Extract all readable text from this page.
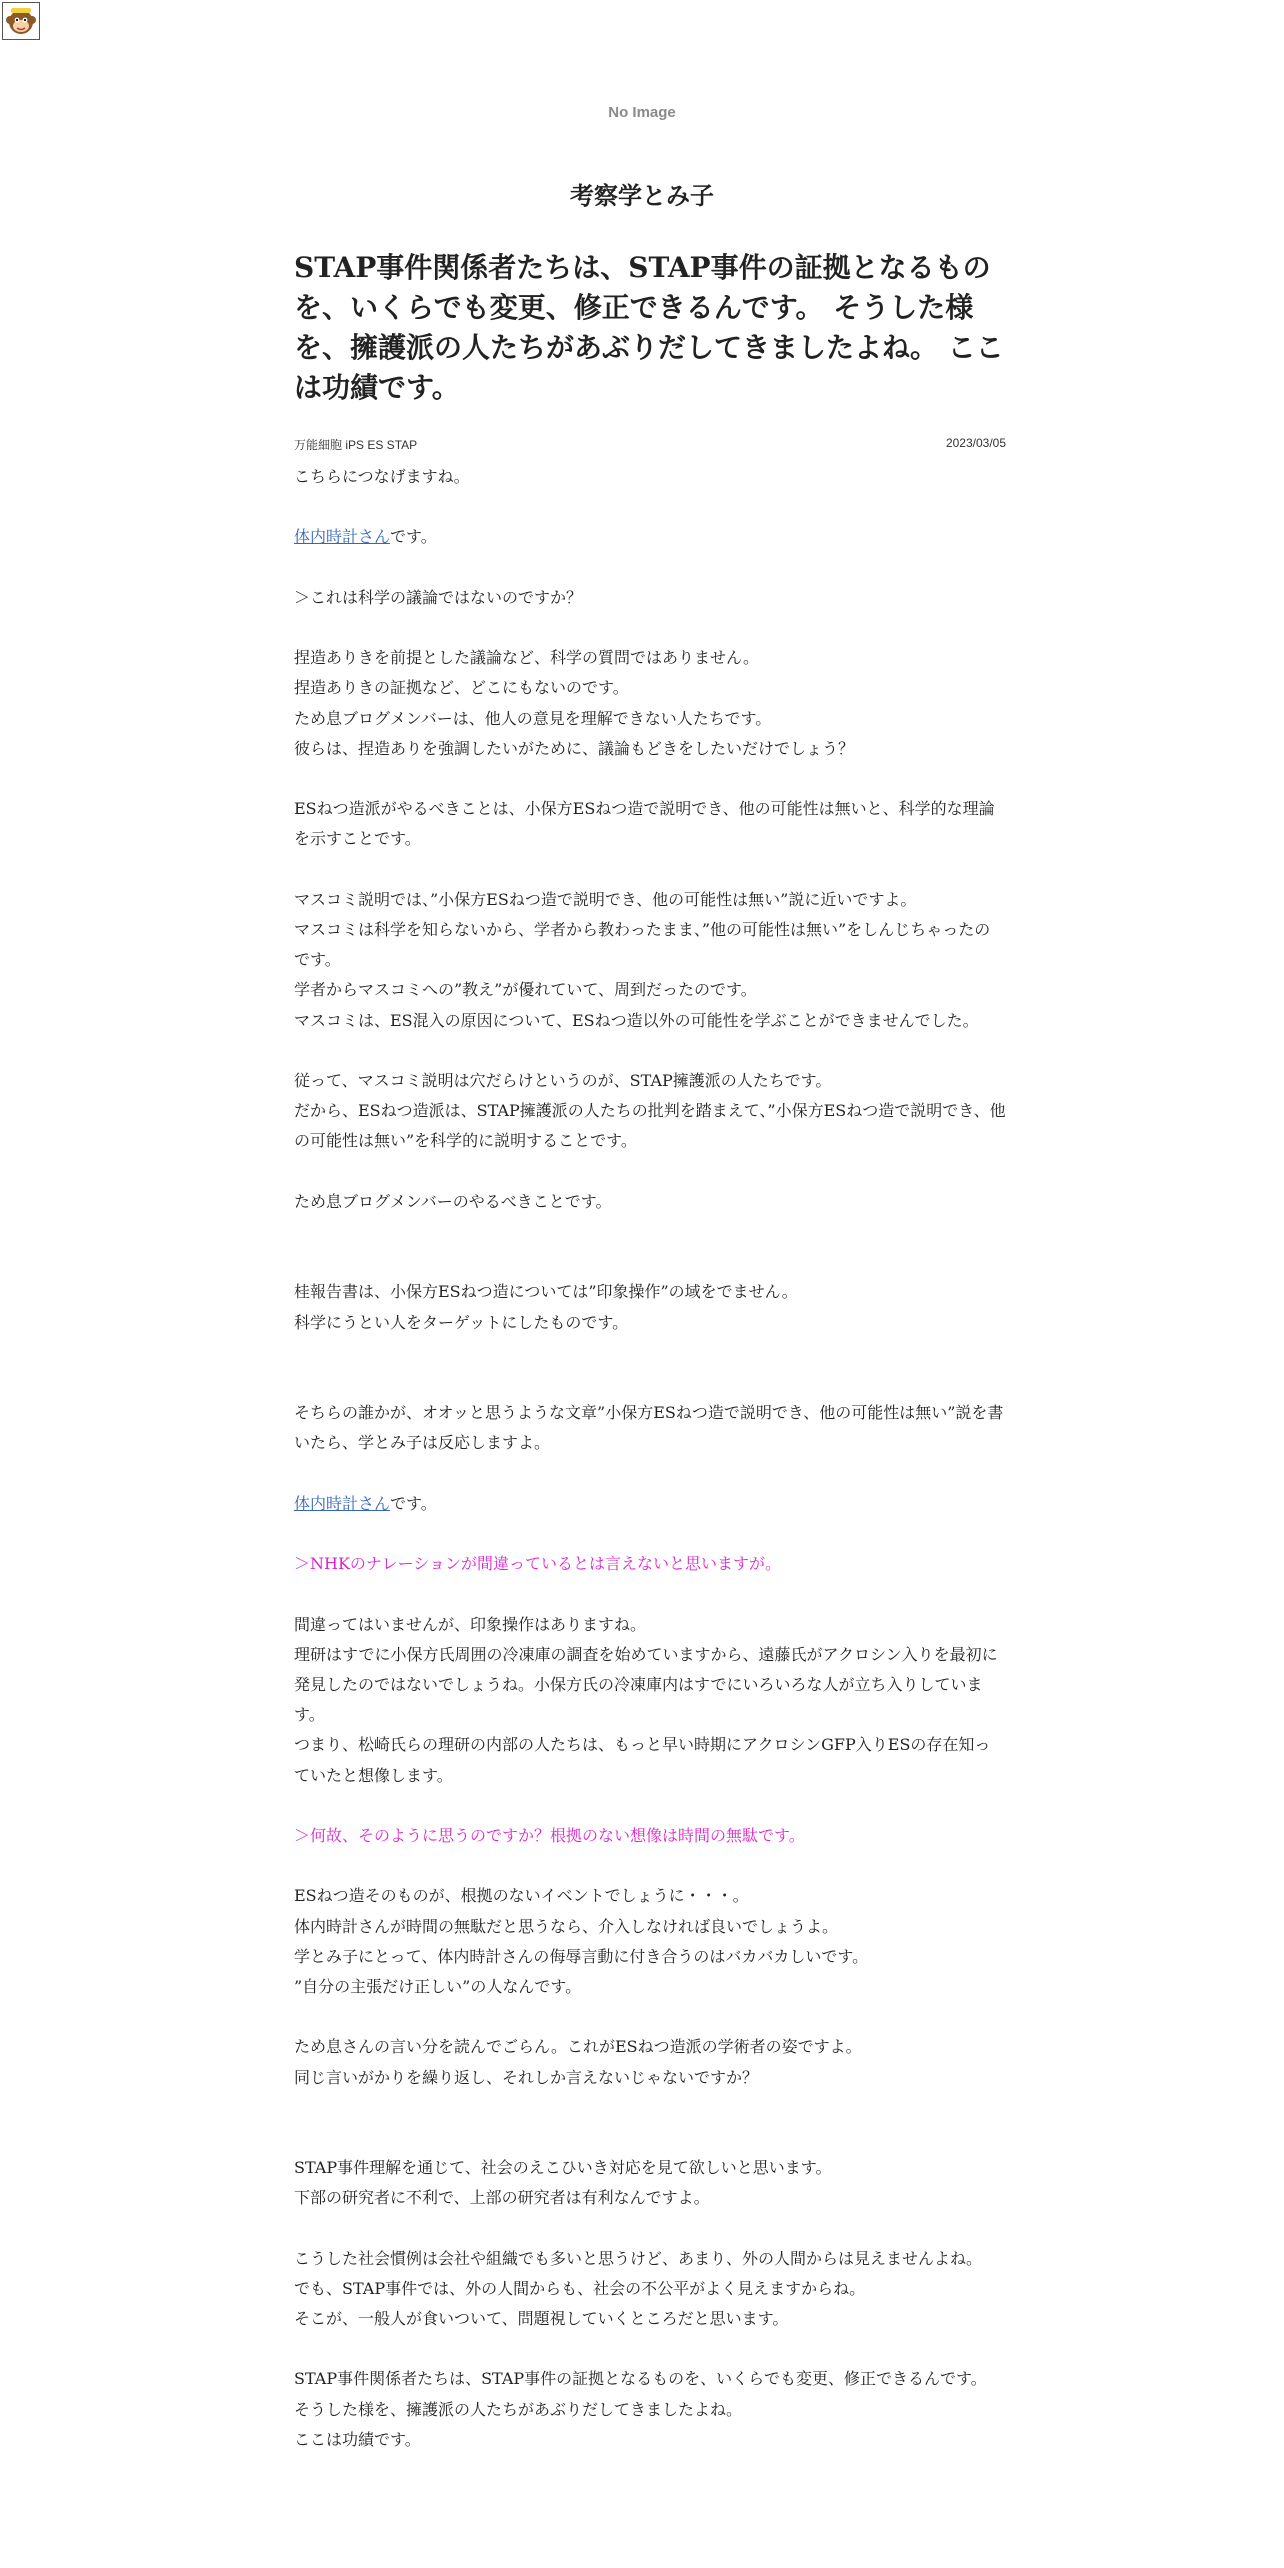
No Image
考察学とみ子
STAP事件関係者たちは、STAP事件の証拠となるものを、いくらでも変更、修正できるんです。 そうした様を、擁護派の人たちがあぶりだしてきましたよね。 ここは功績です。
万能細胞 iPS ES STAP	2023/03/05

こちらにつなげますね。

体内時計さんです。

＞これは科学の議論ではないのですか？

捏造ありきを前提とした議論など、科学の質問ではありません。

捏造ありきの証拠など、どこにもないのです。

ため息ブログメンバーは、他人の意見を理解できない人たちです。

彼らは、捏造ありを強調したいがために、議論もどきをしたいだけでしょう？

ESねつ造派がやるべきことは、小保方ESねつ造で説明でき、他の可能性は無いと、科学的な理論を示すことです。

マスコミ説明では、”小保方ESねつ造で説明でき、他の可能性は無い”説に近いですよ。

マスコミは科学を知らないから、学者から教わったまま、”他の可能性は無い”をしんじちゃったのです。

学者からマスコミへの”教え”が優れていて、周到だったのです。

マスコミは、ES混入の原因について、ESねつ造以外の可能性を学ぶことができませんでした。

従って、マスコミ説明は穴だらけというのが、STAP擁護派の人たちです。

だから、ESねつ造派は、STAP擁護派の人たちの批判を踏まえて、”小保方ESねつ造で説明でき、他の可能性は無い”を科学的に説明することです。

ため息ブログメンバーのやるべきことです。

桂報告書は、小保方ESねつ造については”印象操作”の域をでません。

科学にうとい人をターゲットにしたものです。

そちらの誰かが、オオッと思うような文章”小保方ESねつ造で説明でき、他の可能性は無い”説を書いたら、学とみ子は反応しますよ。

体内時計さんです。

＞NHKのナレーションが間違っているとは言えないと思いますが。

間違ってはいませんが、印象操作はありますね。

理研はすでに小保方氏周囲の冷凍庫の調査を始めていますから、遠藤氏がアクロシン入りを最初に発見したのではないでしょうね。小保方氏の冷凍庫内はすでにいろいろな人が立ち入りしています。

つまり、松崎氏らの理研の内部の人たちは、もっと早い時期にアクロシンGFP入りESの存在知っていたと想像します。

＞何故、そのように思うのですか？根拠のない想像は時間の無駄です。

ESねつ造そのものが、根拠のないイベントでしょうに・・・。

体内時計さんが時間の無駄だと思うなら、介入しなければ良いでしょうよ。

学とみ子にとって、体内時計さんの侮辱言動に付き合うのはバカバカしいです。

”自分の主張だけ正しい”の人なんです。

ため息さんの言い分を読んでごらん。これがESねつ造派の学術者の姿ですよ。

同じ言いがかりを繰り返し、それしか言えないじゃないですか？

STAP事件理解を通じて、社会のえこひいき対応を見て欲しいと思います。

下部の研究者に不利で、上部の研究者は有利なんですよ。

こうした社会慣例は会社や組織でも多いと思うけど、あまり、外の人間からは見えませんよね。

でも、STAP事件では、外の人間からも、社会の不公平がよく見えますからね。

そこが、一般人が食いついて、問題視していくところだと思います。

STAP事件関係者たちは、STAP事件の証拠となるものを、いくらでも変更、修正できるんです。

そうした様を、擁護派の人たちがあぶりだしてきましたよね。

ここは功績です。
